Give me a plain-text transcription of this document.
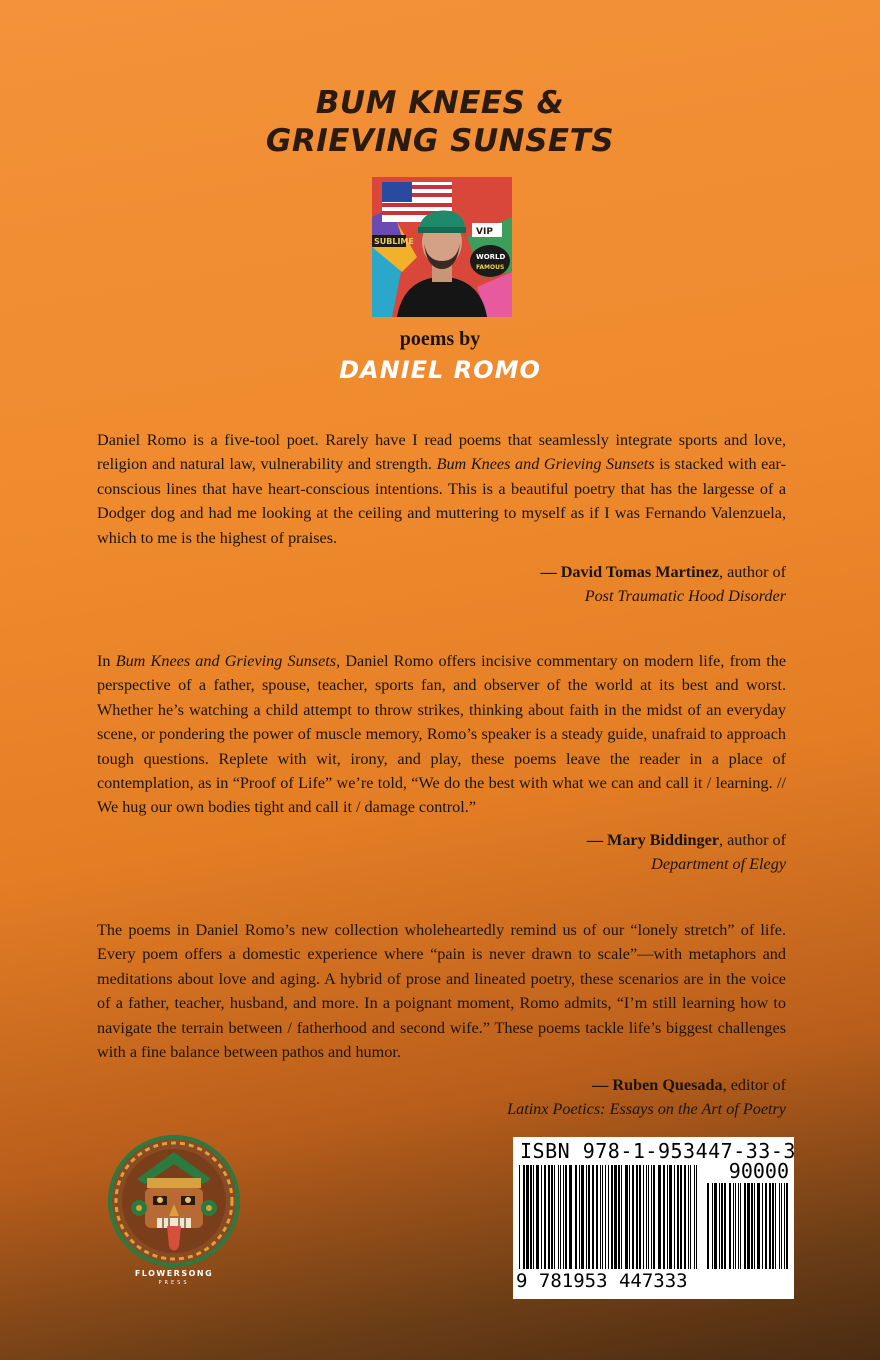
BUM KNEES &
GRIEVING SUNSETS
SUBLIME
VIP
WORLD
FAMOUS
poems by
DANIEL ROMO
Daniel Romo is a five-tool poet. Rarely have I read poems that seamlessly integrate sports and love, religion and natural law, vulnerability and strength. Bum Knees and Grieving Sunsets is stacked with ear-conscious lines that have heart-conscious intentions. This is a beautiful poetry that has the largesse of a Dodger dog and had me looking at the ceiling and muttering to myself as if I was Fernando Valenzuela, which to me is the highest of praises.
— David Tomas Martinez, author of
Post Traumatic Hood Disorder
In Bum Knees and Grieving Sunsets, Daniel Romo offers incisive commentary on modern life, from the perspective of a father, spouse, teacher, sports fan, and observer of the world at its best and worst. Whether he’s watching a child attempt to throw strikes, thinking about faith in the midst of an everyday scene, or pondering the power of muscle memory, Romo’s speaker is a steady guide, unafraid to approach tough questions. Replete with wit, irony, and play, these poems leave the reader in a place of contemplation, as in “Proof of Life” we’re told, “We do the best with what we can and call it / learning. // We hug our own bodies tight and call it / damage control.”
— Mary Biddinger, author of
Department of Elegy
The poems in Daniel Romo’s new collection wholeheartedly remind us of our “lonely stretch” of life. Every poem offers a domestic experience where “pain is never drawn to scale”—with metaphors and meditations about love and aging. A hybrid of prose and lineated poetry, these scenarios are in the voice of a father, teacher, husband, and more. In a poignant moment, Romo admits, “I’m still learning how to navigate the terrain between / fatherhood and second wife.” These poems tackle life’s biggest challenges with a fine balance between pathos and humor.
— Ruben Quesada, editor of
Latinx Poetics: Essays on the Art of Poetry
FLOWERSONG
PRESS
ISBN 978-1-953447-33-3
90000
9 781953 447333
